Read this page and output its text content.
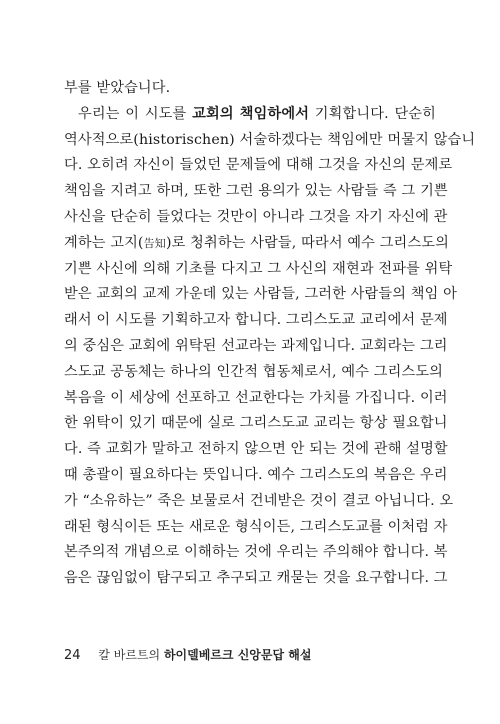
부를 받았습니다.
우리는 이 시도를 교회의 책임하에서 기획합니다. 단순히
역사적으로(historischen) 서술하겠다는 책임에만 머물지 않습니
다. 오히려 자신이 들었던 문제들에 대해 그것을 자신의 문제로
책임을 지려고 하며, 또한 그런 용의가 있는 사람들 즉 그 기쁜
사신을 단순히 들었다는 것만이 아니라 그것을 자기 자신에 관
계하는 고지(告知)로 청취하는 사람들, 따라서 예수 그리스도의
기쁜 사신에 의해 기초를 다지고 그 사신의 재현과 전파를 위탁
받은 교회의 교제 가운데 있는 사람들, 그러한 사람들의 책임 아
래서 이 시도를 기획하고자 합니다. 그리스도교 교리에서 문제
의 중심은 교회에 위탁된 선교라는 과제입니다. 교회라는 그리
스도교 공동체는 하나의 인간적 협동체로서, 예수 그리스도의
복음을 이 세상에 선포하고 선교한다는 가치를 가집니다. 이러
한 위탁이 있기 때문에 실로 그리스도교 교리는 항상 필요합니
다. 즉 교회가 말하고 전하지 않으면 안 되는 것에 관해 설명할
때 총괄이 필요하다는 뜻입니다. 예수 그리스도의 복음은 우리
가 “소유하는” 죽은 보물로서 건네받은 것이 결코 아닙니다. 오
래된 형식이든 또는 새로운 형식이든, 그리스도교를 이처럼 자
본주의적 개념으로 이해하는 것에 우리는 주의해야 합니다. 복
음은 끊임없이 탐구되고 추구되고 캐묻는 것을 요구합니다. 그
24 칼 바르트의 하이델베르크 신앙문답 해설
